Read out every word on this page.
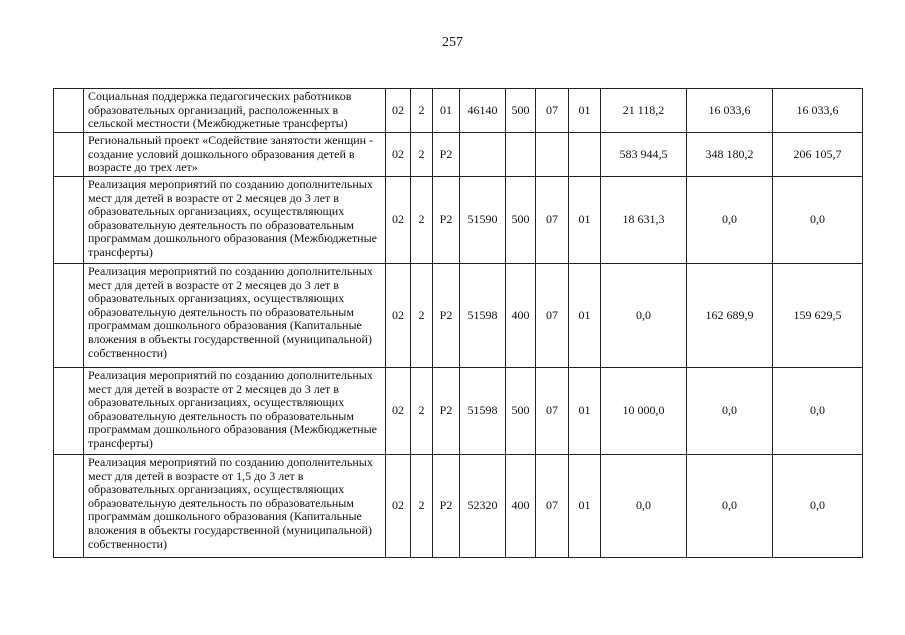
257
	Социальная поддержка педагогических работников образовательных организаций, расположенных в сельской местности (Межбюджетные трансферты)	02	2	01	46140	500	07	01	21 118,2	16 033,6	16 033,6
	Региональный проект «Содействие занятости женщин - создание условий дошкольного образования детей в возрасте до трех лет»	02	2	Р2					583 944,5	348 180,2	206 105,7
	Реализация мероприятий по созданию дополнительных мест для детей в возрасте от 2 месяцев до 3 лет в образовательных организациях, осуществляющих образовательную деятельность по образовательным программам дошкольного образования (Межбюджетные трансферты)	02	2	Р2	51590	500	07	01	18 631,3	0,0	0,0
	Реализация мероприятий по созданию дополнительных мест для детей в возрасте от 2 месяцев до 3 лет в образовательных организациях, осуществляющих образовательную деятельность по образовательным программам дошкольного образования (Капитальные вложения в объекты государственной (муниципальной) собственности)	02	2	Р2	51598	400	07	01	0,0	162 689,9	159 629,5
	Реализация мероприятий по созданию дополнительных мест для детей в возрасте от 2 месяцев до 3 лет в образовательных организациях, осуществляющих образовательную деятельность по образовательным программам дошкольного образования (Межбюджетные трансферты)	02	2	Р2	51598	500	07	01	10 000,0	0,0	0,0
	Реализация мероприятий по созданию дополнительных мест для детей в возрасте от 1,5 до 3 лет в образовательных организациях, осуществляющих образовательную деятельность по образовательным программам дошкольного образования (Капитальные вложения в объекты государственной (муниципальной) собственности)	02	2	Р2	52320	400	07	01	0,0	0,0	0,0
